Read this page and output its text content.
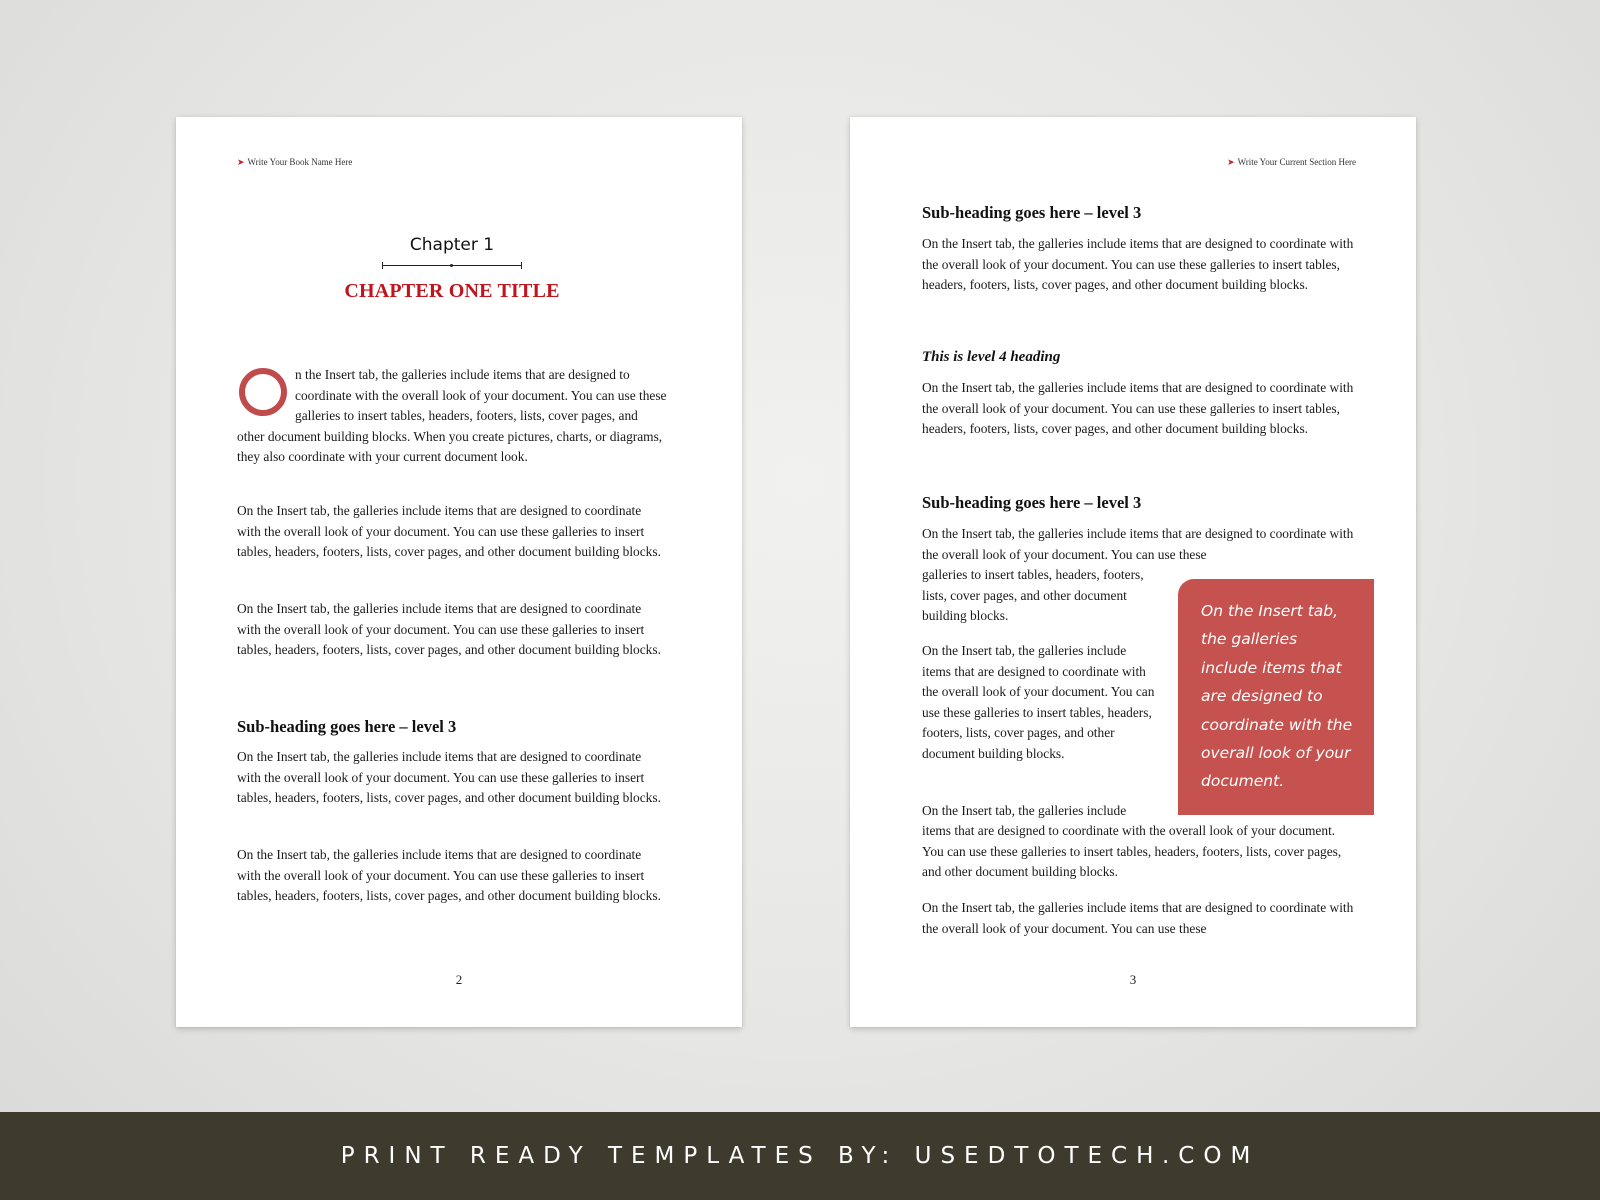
➤ Write Your Book Name Here
Chapter 1
CHAPTER ONE TITLE

n the Insert tab, the galleries include items that are designed to coordinate with the overall look of your document. You can use these galleries to insert tables, headers, footers, lists, cover pages, and other document building blocks. When you create pictures, charts, or diagrams, they also coordinate with your current document look.

On the Insert tab, the galleries include items that are designed to coordinate with the overall look of your document. You can use these galleries to insert tables, headers, footers, lists, cover pages, and other document building blocks.

On the Insert tab, the galleries include items that are designed to coordinate with the overall look of your document. You can use these galleries to insert tables, headers, footers, lists, cover pages, and other document building blocks.

Sub-heading goes here – level 3

On the Insert tab, the galleries include items that are designed to coordinate with the overall look of your document. You can use these galleries to insert tables, headers, footers, lists, cover pages, and other document building blocks.

On the Insert tab, the galleries include items that are designed to coordinate with the overall look of your document. You can use these galleries to insert tables, headers, footers, lists, cover pages, and other document building blocks.

2
➤ Write Your Current Section Here
Sub-heading goes here – level 3

On the Insert tab, the galleries include items that are designed to coordinate with the overall look of your document. You can use these galleries to insert tables, headers, footers, lists, cover pages, and other document building blocks.

This is level 4 heading

On the Insert tab, the galleries include items that are designed to coordinate with the overall look of your document. You can use these galleries to insert tables, headers, footers, lists, cover pages, and other document building blocks.

Sub-heading goes here – level 3

On the Insert tab, the galleries include items that are designed to coordinate with the overall look of your document. You can use these

galleries to insert tables, headers, footers, lists, cover pages, and other document building blocks.

On the Insert tab, the galleries include items that are designed to coordinate with the overall look of your document. You can use these galleries to insert tables, headers, footers, lists, cover pages, and other document building blocks.

On the Insert tab, the galleries include

items that are designed to coordinate with the overall look of your document. You can use these galleries to insert tables, headers, footers, lists, cover pages, and other document building blocks.

On the Insert tab, the galleries include items that are designed to coordinate with the overall look of your document. You can use these

On the Insert tab, the galleries include items that are designed to coordinate with the overall look of your document.

3
PRINT READY TEMPLATES BY: USEDTOTECH.COM
